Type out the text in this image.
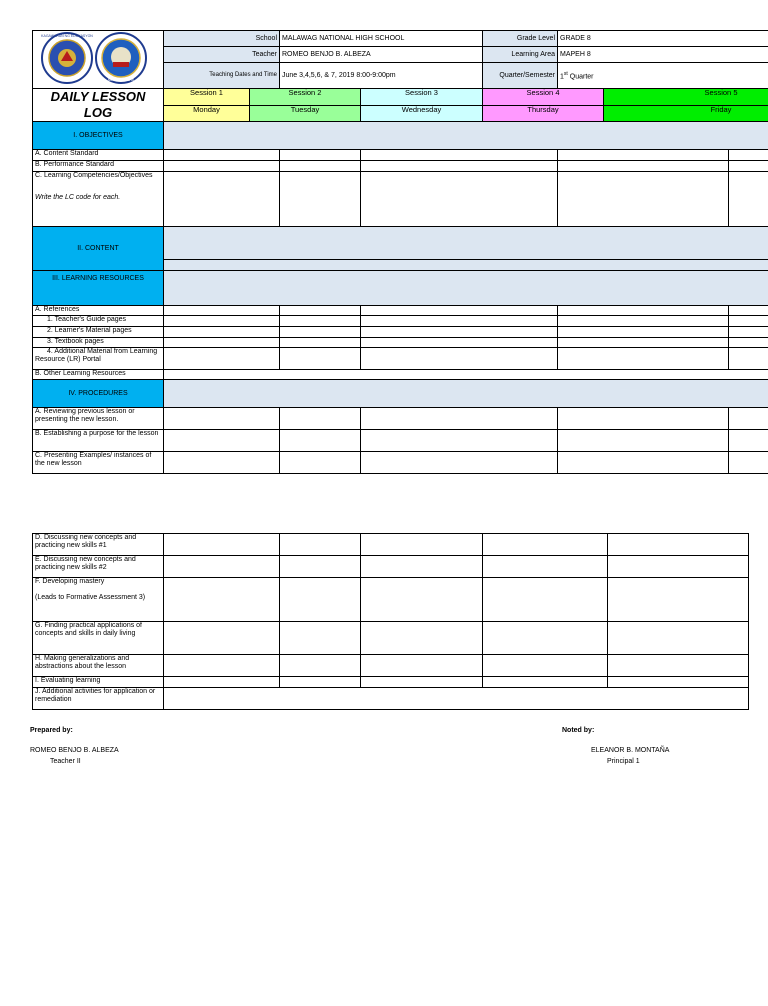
KAGAWARAN NG EDUKASYON
MALAWAG NHS	School		MALAWAG NATIONAL HIGH SCHOOL		Grade Level	GRADE 8		
	Teacher		ROMEO BENJO B. ALBEZA		Learning Area	MAPEH 8		
	Teaching Dates and Time		June 3,4,5,6, & 7, 2019 8:00-9:00pm		Quarter/Semester	1st Quarter		
DAILY LESSON LOG	Session 1	Session 2		Session 3	Session 4		Session 5	
	Monday	Tuesday		Wednesday	Thursday		Friday	
I. OBJECTIVES								
A. Content Standard								
B. Performance Standard								

C. Learning Competencies/Objectives
Write the LC code for each.								

II. CONTENT								

III. LEARNING RESOURCES								
A. References								
1. Teacher's Guide pages								
2. Learner's Material pages								
3. Textbook pages								
4. Additional Material from Learning Resource (LR) Portal								
B. Other Learning Resources								
IV. PROCEDURES								
A. Reviewing previous lesson or presenting the new lesson.								
B. Establishing a purpose for the lesson								
C. Presenting Examples/ instances of the new lesson								
D. Discussing new concepts and practicing new skills #1					
E. Discussing new concepts and practicing new skills #2					

F. Developing mastery
(Leads to Formative Assessment 3)					

G. Finding practical applications of concepts and skills in daily living					
H. Making generalizations and abstractions about the lesson					
I. Evaluating learning					
J. Additional activities for application or remediation					
Prepared by:	Noted by:
ROMEO BENJO B. ALBEZA
Teacher II
ELEANOR B. MONTAÑA
Principal 1
